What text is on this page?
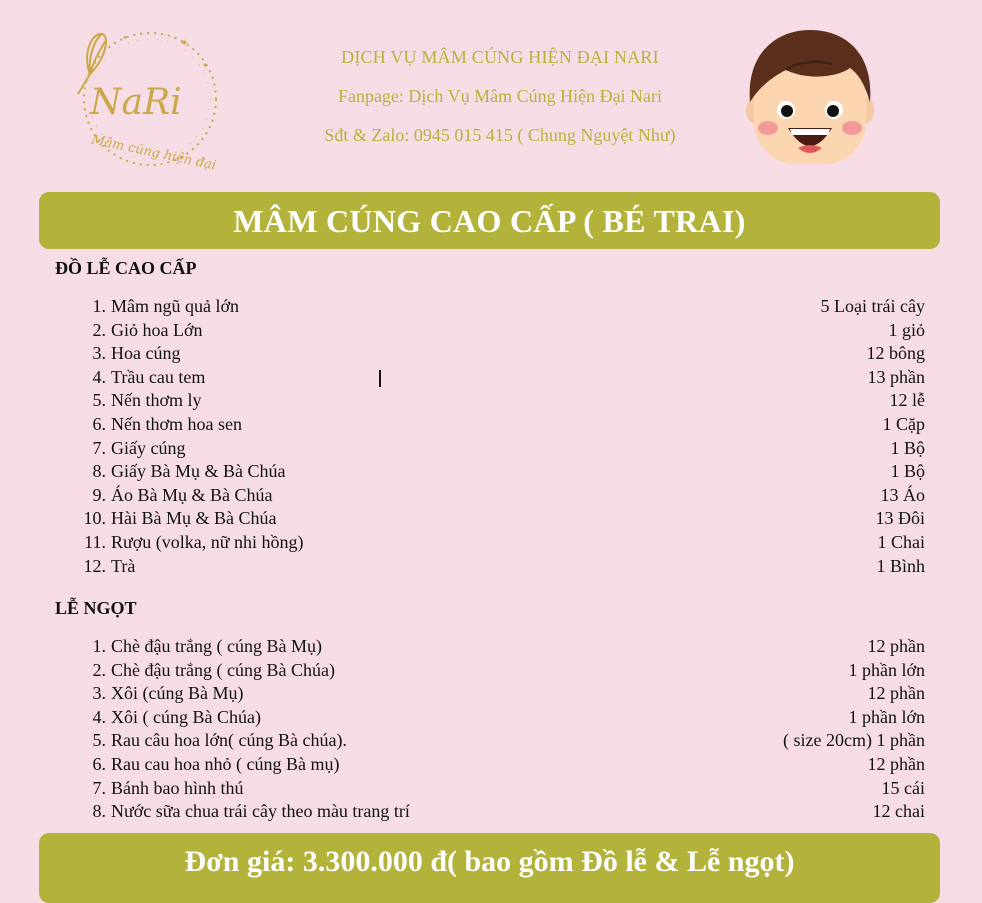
✦
✦
✦
NaRi
Mâm cúng hiện đại
DỊCH VỤ MÂM CÚNG HIỆN ĐẠI NARI
Fanpage: Dịch Vụ Mâm Cúng Hiện Đại Nari
Sđt & Zalo: 0945 015 415 ( Chung Nguyệt Như)
MÂM CÚNG CAO CẤP ( BÉ TRAI)
ĐỒ LỄ CAO CẤP
1. Mâm ngũ quả lớn	5 Loại trái cây
2. Giỏ hoa Lớn	1 giỏ
3. Hoa cúng	12 bông
4. Trầu cau tem	13 phần
5. Nến thơm ly	12 lễ
6. Nến thơm hoa sen	1 Cặp
7. Giấy cúng	1 Bộ
8. Giấy Bà Mụ & Bà Chúa	1 Bộ
9. Áo Bà Mụ & Bà Chúa	13 Áo
10. Hài Bà Mụ & Bà Chúa	13 Đôi
11. Rượu (volka, nữ nhi hồng)	1 Chai
12. Trà	1 Bình
LỄ NGỌT
1. Chè đậu trắng ( cúng Bà Mụ)	12 phần
2. Chè đậu trắng ( cúng Bà Chúa)	1 phần lớn
3. Xôi (cúng Bà Mụ)	12 phần
4. Xôi ( cúng Bà Chúa)	1 phần lớn
5. Rau câu hoa lớn( cúng Bà chúa).	( size 20cm) 1 phần
6. Rau cau hoa nhỏ ( cúng Bà mụ)	12 phần
7. Bánh bao hình thú	15 cái
8. Nước sữa chua trái cây theo màu trang trí	12 chai
Đơn giá: 3.300.000 đ( bao gồm Đồ lễ & Lễ ngọt)
